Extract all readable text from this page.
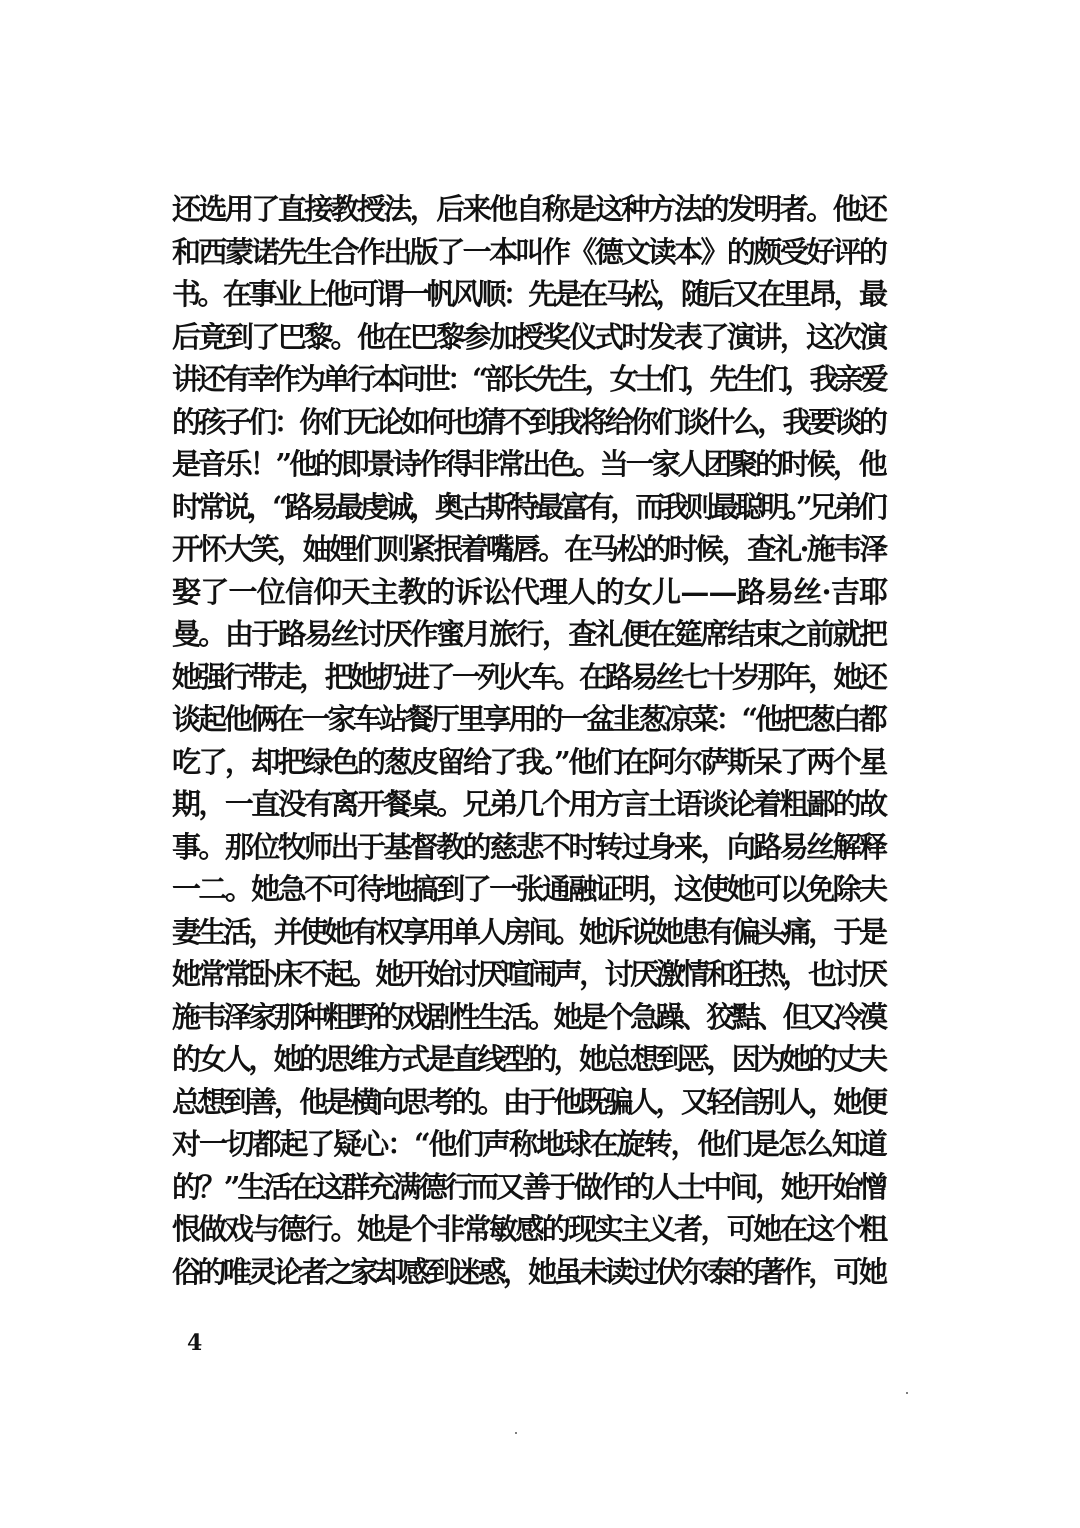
还选用了直接教授法，后来他自称是这种方法的发明者。他还
和西蒙诺先生合作出版了一本叫作《德文读本》的颇受好评的
书。在事业上他可谓一帆风顺：先是在马松，随后又在里昂，最
后竟到了巴黎。他在巴黎参加授奖仪式时发表了演讲，这次演
讲还有幸作为单行本问世：“部长先生，女士们，先生们，我亲爱
的孩子们：你们无论如何也猜不到我将给你们谈什么，我要谈的
是音乐！”他的即景诗作得非常出色。当一家人团聚的时候，他
时常说，“路易最虔诚，奥古斯特最富有，而我则最聪明。”兄弟们
开怀大笑，妯娌们则紧抿着嘴唇。在马松的时候，查礼·施韦泽
娶了一位信仰天主教的诉讼代理人的女儿——路易丝·吉耶
曼。由于路易丝讨厌作蜜月旅行，查礼便在筵席结束之前就把
她强行带走，把她扔进了一列火车。在路易丝七十岁那年，她还
谈起他俩在一家车站餐厅里享用的一盆韭葱凉菜：“他把葱白都
吃了，却把绿色的葱皮留给了我。”他们在阿尔萨斯呆了两个星
期，一直没有离开餐桌。兄弟几个用方言土语谈论着粗鄙的故
事。那位牧师出于基督教的慈悲不时转过身来，向路易丝解释
一二。她急不可待地搞到了一张通融证明，这使她可以免除夫
妻生活，并使她有权享用单人房间。她诉说她患有偏头痛，于是
她常常卧床不起。她开始讨厌喧闹声，讨厌激情和狂热，也讨厌
施韦泽家那种粗野的戏剧性生活。她是个急躁、狡黠、但又冷漠
的女人，她的思维方式是直线型的，她总想到恶，因为她的丈夫
总想到善，他是横向思考的。由于他既骗人，又轻信别人，她便
对一切都起了疑心：“他们声称地球在旋转，他们是怎么知道
的？”生活在这群充满德行而又善于做作的人士中间，她开始憎
恨做戏与德行。她是个非常敏感的现实主义者，可她在这个粗
俗的唯灵论者之家却感到迷惑，她虽未读过伏尔泰的著作，可她
4
